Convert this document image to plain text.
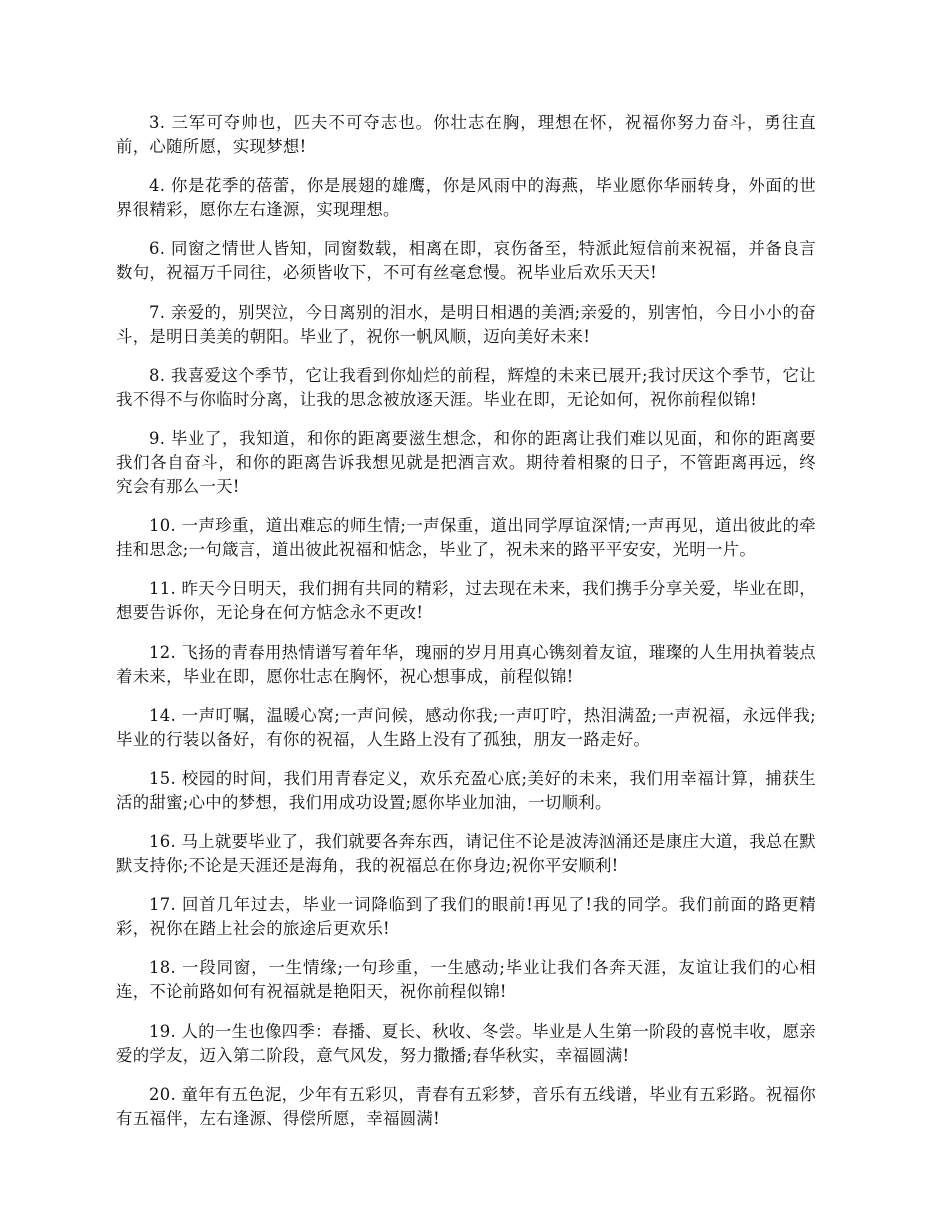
3. 三军可夺帅也，匹夫不可夺志也。你壮志在胸，理想在怀，祝福你努力奋斗，勇往直前，心随所愿，实现梦想!

4. 你是花季的蓓蕾，你是展翅的雄鹰，你是风雨中的海燕，毕业愿你华丽转身，外面的世界很精彩，愿你左右逢源，实现理想。

6. 同窗之情世人皆知，同窗数载，相离在即，哀伤备至，特派此短信前来祝福，并备良言数句，祝福万千同往，必须皆收下，不可有丝毫怠慢。祝毕业后欢乐天天!

7. 亲爱的，别哭泣，今日离别的泪水，是明日相遇的美酒;亲爱的，别害怕，今日小小的奋斗，是明日美美的朝阳。毕业了，祝你一帆风顺，迈向美好未来!

8. 我喜爱这个季节，它让我看到你灿烂的前程，辉煌的未来已展开;我讨厌这个季节，它让我不得不与你临时分离，让我的思念被放逐天涯。毕业在即，无论如何，祝你前程似锦!

9. 毕业了，我知道，和你的距离要滋生想念，和你的距离让我们难以见面，和你的距离要我们各自奋斗，和你的距离告诉我想见就是把酒言欢。期待着相聚的日子，不管距离再远，终究会有那么一天!

10. 一声珍重，道出难忘的师生情;一声保重，道出同学厚谊深情;一声再见，道出彼此的牵挂和思念;一句箴言，道出彼此祝福和惦念，毕业了，祝未来的路平平安安，光明一片。

11. 昨天今日明天，我们拥有共同的精彩，过去现在未来，我们携手分享关爱，毕业在即，想要告诉你，无论身在何方惦念永不更改!

12. 飞扬的青春用热情谱写着年华，瑰丽的岁月用真心镌刻着友谊，璀璨的人生用执着装点着未来，毕业在即，愿你壮志在胸怀，祝心想事成，前程似锦!

14. 一声叮嘱，温暖心窝;一声问候，感动你我;一声叮咛，热泪满盈;一声祝福，永远伴我;毕业的行装以备好，有你的祝福，人生路上没有了孤独，朋友一路走好。

15. 校园的时间，我们用青春定义，欢乐充盈心底;美好的未来，我们用幸福计算，捕获生活的甜蜜;心中的梦想，我们用成功设置;愿你毕业加油，一切顺利。

16. 马上就要毕业了，我们就要各奔东西，请记住不论是波涛汹涌还是康庄大道，我总在默默支持你;不论是天涯还是海角，我的祝福总在你身边;祝你平安顺利!

17. 回首几年过去，毕业一词降临到了我们的眼前!再见了!我的同学。我们前面的路更精彩，祝你在踏上社会的旅途后更欢乐!

18. 一段同窗，一生情缘;一句珍重，一生感动;毕业让我们各奔天涯，友谊让我们的心相连，不论前路如何有祝福就是艳阳天，祝你前程似锦!

19. 人的一生也像四季：春播、夏长、秋收、冬尝。毕业是人生第一阶段的喜悦丰收，愿亲爱的学友，迈入第二阶段，意气风发，努力撒播;春华秋实，幸福圆满!

20. 童年有五色泥，少年有五彩贝，青春有五彩梦，音乐有五线谱，毕业有五彩路。祝福你有五福伴，左右逢源、得偿所愿，幸福圆满!
